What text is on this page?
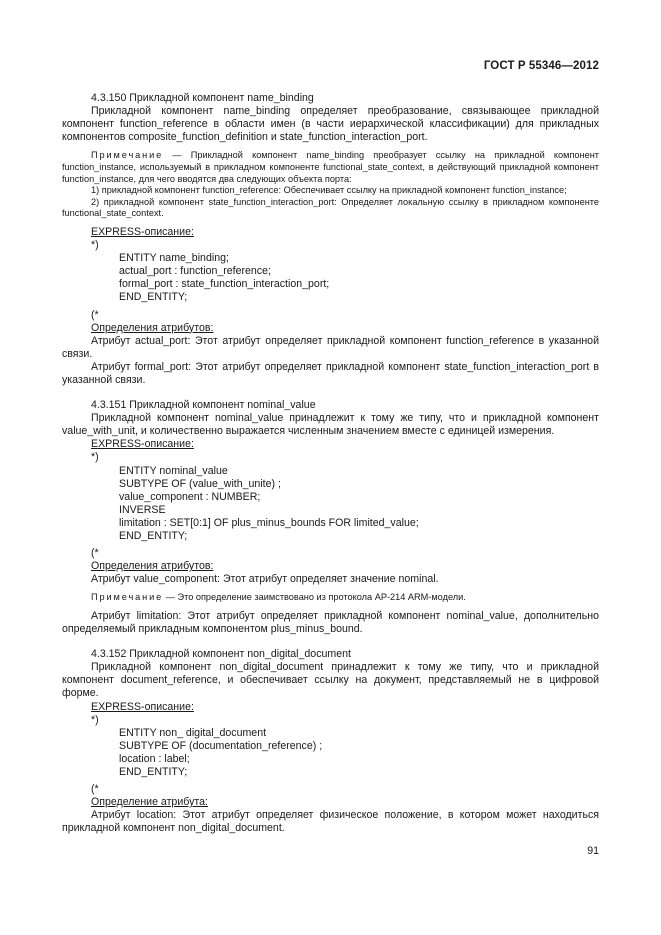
ГОСТ Р 55346—2012

4.3.150 Прикладной компонент name_binding

Прикладной компонент name_binding определяет преобразование, связывающее прикладной компонент function_reference в области имен (в части иерархической классификации) для прикладных компонентов composite_function_definition и state_function_interaction_port.

Примечание — Прикладной компонент name_binding преобразует ссылку на прикладной компонент function_instance, используемый в прикладном компоненте functional_state_context, в действующий прикладной компонент function_instance, для чего вводятся два следующих объекта порта:

1) прикладной компонент function_reference: Обеспечивает ссылку на прикладной компонент function_instance;

2) прикладной компонент state_function_interaction_port: Определяет локальную ссылку в прикладном компоненте functional_state_context.

EXPRESS-описание:

*)

ENTITY name_binding;

actual_port : function_reference;

formal_port : state_function_interaction_port;

END_ENTITY;

(*

Определения атрибутов:

Атрибут actual_port: Этот атрибут определяет прикладной компонент function_reference в указанной связи.

Атрибут formal_port: Этот атрибут определяет прикладной компонент state_function_interaction_port в указанной связи.

4.3.151 Прикладной компонент nominal_value

Прикладной компонент nominal_value принадлежит к тому же типу, что и прикладной компонент value_with_unit, и количественно выражается численным значением вместе с единицей измерения.

EXPRESS-описание:

*)

ENTITY nominal_value

SUBTYPE OF (value_with_unite) ;

value_component : NUMBER;

INVERSE

limitation : SET[0:1] OF plus_minus_bounds FOR limited_value;

END_ENTITY;

(*

Определения атрибутов:

Атрибут value_component: Этот атрибут определяет значение nominal.

Примечание — Это определение заимствовано из протокола АР-214 ARM-модели.

Атрибут limitation: Этот атрибут определяет прикладной компонент nominal_value, дополнительно определяемый прикладным компонентом plus_minus_bound.

4.3.152 Прикладной компонент non_digital_document

Прикладной компонент non_digital_document принадлежит к тому же типу, что и прикладной компонент document_reference, и обеспечивает ссылку на документ, представляемый не в цифровой форме.

EXPRESS-описание:

*)

ENTITY non_ digital_document

SUBTYPE OF (documentation_reference) ;

location : label;

END_ENTITY;

(*

Определение атрибута:

Атрибут location: Этот атрибут определяет физическое положение, в котором может находиться прикладной компонент non_digital_document.

91
